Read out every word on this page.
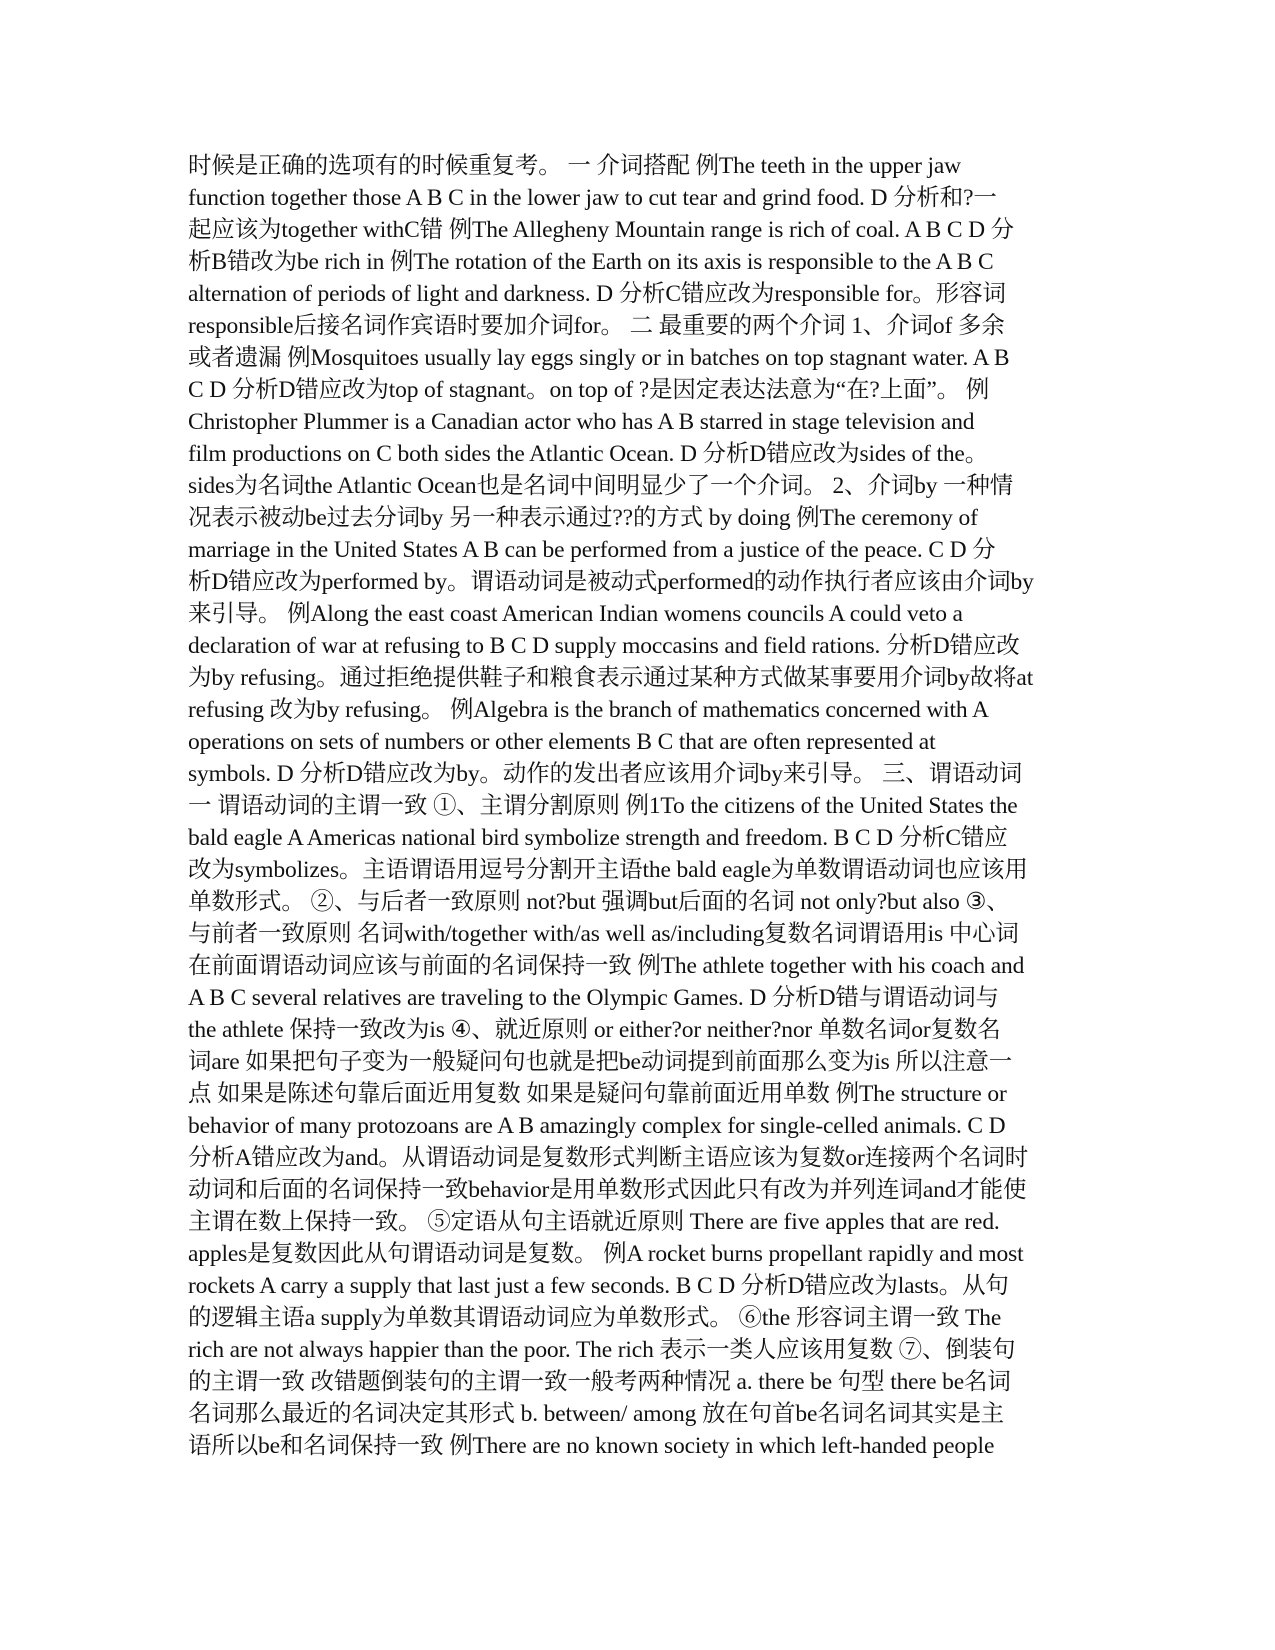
时候是正确的选项有的时候重复考。 一 介词搭配 例The teeth in the upper jaw
function together those A B C in the lower jaw to cut tear and grind food. D 分析和?一
起应该为together withC错 例The Allegheny Mountain range is rich of coal. A B C D 分
析B错改为be rich in 例The rotation of the Earth on its axis is responsible to the A B C
alternation of periods of light and darkness. D 分析C错应改为responsible for。形容词
responsible后接名词作宾语时要加介词for。 二 最重要的两个介词 1、介词of 多余
或者遗漏 例Mosquitoes usually lay eggs singly or in batches on top stagnant water. A B
C D 分析D错应改为top of stagnant。on top of ?是因定表达法意为“在?上面”。 例
Christopher Plummer is a Canadian actor who has A B starred in stage television and
film productions on C both sides the Atlantic Ocean. D 分析D错应改为sides of the。
sides为名词the Atlantic Ocean也是名词中间明显少了一个介词。 2、介词by 一种情
况表示被动be过去分词by 另一种表示通过??的方式 by doing 例The ceremony of
marriage in the United States A B can be performed from a justice of the peace. C D 分
析D错应改为performed by。谓语动词是被动式performed的动作执行者应该由介词by
来引导。 例Along the east coast American Indian womens councils A could veto a
declaration of war at refusing to B C D supply moccasins and field rations. 分析D错应改
为by refusing。通过拒绝提供鞋子和粮食表示通过某种方式做某事要用介词by故将at
refusing 改为by refusing。 例Algebra is the branch of mathematics concerned with A
operations on sets of numbers or other elements B C that are often represented at
symbols. D 分析D错应改为by。动作的发出者应该用介词by来引导。 三、谓语动词
一 谓语动词的主谓一致 ①、主谓分割原则 例1To the citizens of the United States the
bald eagle A Americas national bird symbolize strength and freedom. B C D 分析C错应
改为symbolizes。主语谓语用逗号分割开主语the bald eagle为单数谓语动词也应该用
单数形式。 ②、与后者一致原则 not?but 强调but后面的名词 not only?but also ③、
与前者一致原则 名词with/together with/as well as/including复数名词谓语用is 中心词
在前面谓语动词应该与前面的名词保持一致 例The athlete together with his coach and
A B C several relatives are traveling to the Olympic Games. D 分析D错与谓语动词与
the athlete 保持一致改为is ④、就近原则 or either?or neither?nor 单数名词or复数名
词are 如果把句子变为一般疑问句也就是把be动词提到前面那么变为is 所以注意一
点 如果是陈述句靠后面近用复数 如果是疑问句靠前面近用单数 例The structure or
behavior of many protozoans are A B amazingly complex for single-celled animals. C D
分析A错应改为and。从谓语动词是复数形式判断主语应该为复数or连接两个名词时
动词和后面的名词保持一致behavior是用单数形式因此只有改为并列连词and才能使
主谓在数上保持一致。 ⑤定语从句主语就近原则 There are five apples that are red.
apples是复数因此从句谓语动词是复数。 例A rocket burns propellant rapidly and most
rockets A carry a supply that last just a few seconds. B C D 分析D错应改为lasts。从句
的逻辑主语a supply为单数其谓语动词应为单数形式。 ⑥the 形容词主谓一致 The
rich are not always happier than the poor. The rich 表示一类人应该用复数 ⑦、倒装句
的主谓一致 改错题倒装句的主谓一致一般考两种情况 a. there be 句型 there be名词
名词那么最近的名词决定其形式 b. between/ among 放在句首be名词名词其实是主
语所以be和名词保持一致 例There are no known society in which left-handed people
